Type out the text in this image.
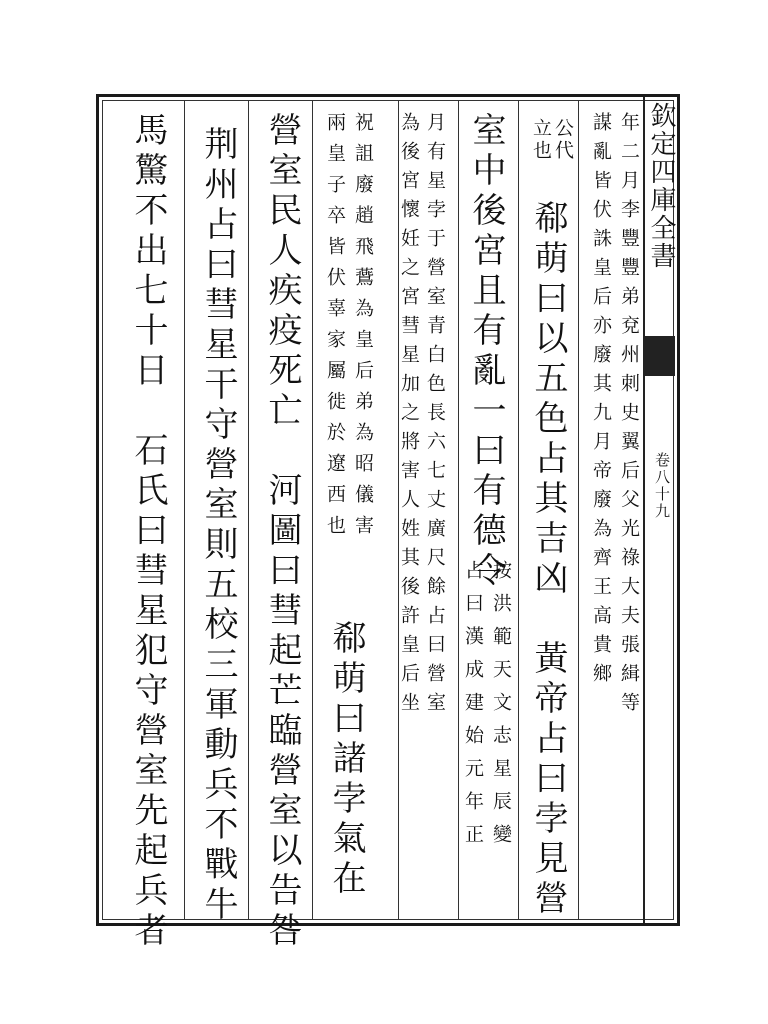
欽定四庫全書
卷八十九
年二月李豐豐弟兗州刺史翼后父光祿大夫張緝等
謀亂皆伏誅皇后亦廢其九月帝廢為齊王高貴鄉
公代
立也
郗萌曰以五色占其吉凶　黃帝占曰孛見營
室中後宮且有亂一曰有德令
按洪範天文志星辰變
占曰漢成建始元年正
月有星孛于營室青白色長六七丈廣尺餘占曰營室
為後宮懷妊之宮彗星加之將害人姓其後許皇后坐
祝詛廢趙飛鷰為皇后弟為昭儀害
兩皇子卒皆伏辜家屬徙於遼西也
郗萌曰諸孛氣在
營室民人疾疫死亡　河圖曰彗起芒臨營室以告咎
荆州占曰彗星干守營室則五校三軍動兵不戰牛
馬驚不出七十日　石氏曰彗星犯守營室先起兵者
